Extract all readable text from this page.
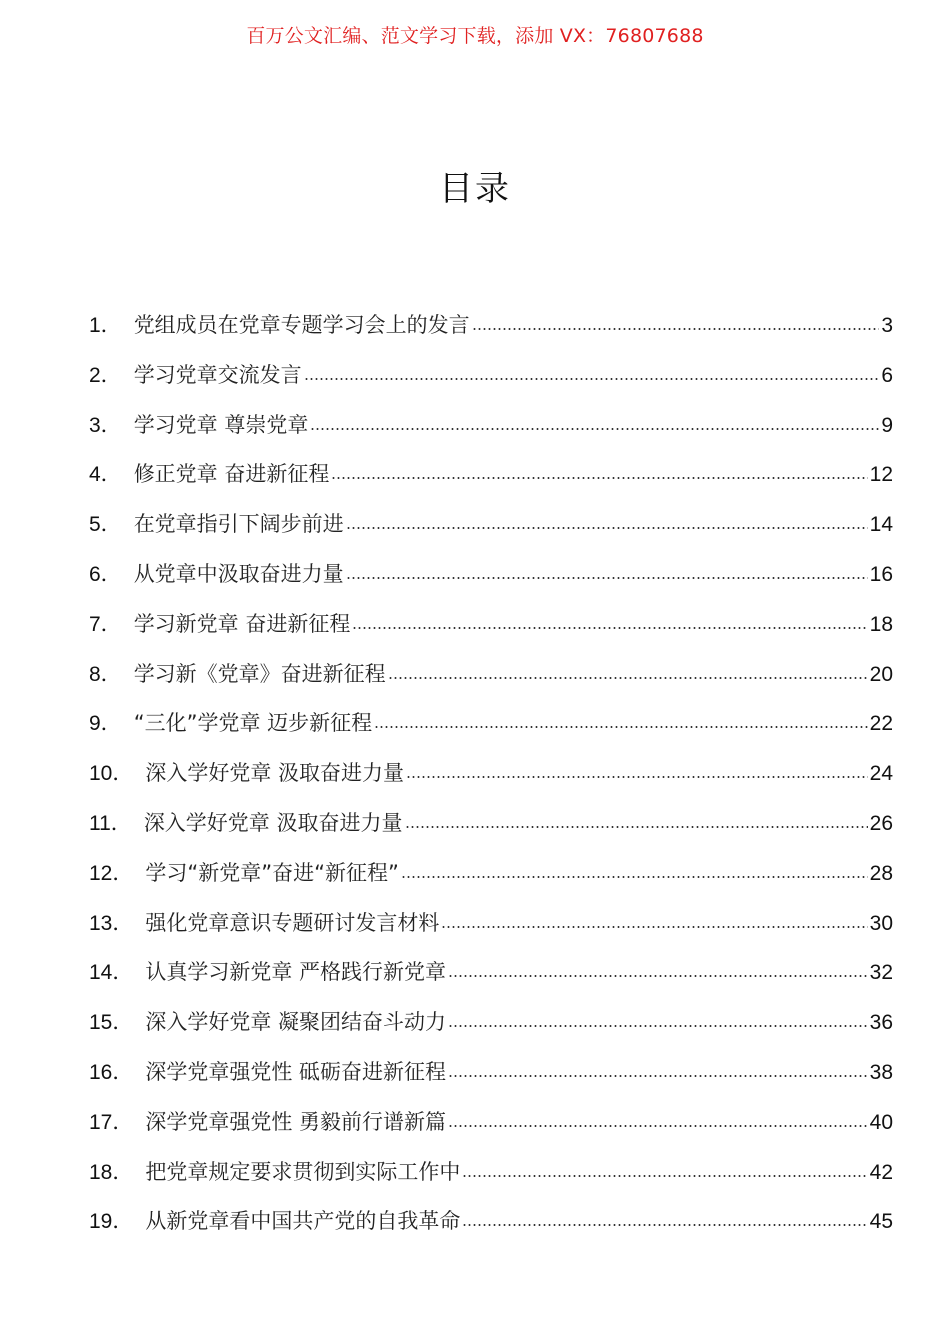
百万公文汇编、范文学习下载，添加 VX：76807688
目录
1． 党组成员在党章专题学习会上的发言	3
2． 学习党章交流发言	6
3． 学习党章 尊崇党章	9
4． 修正党章 奋进新征程	12
5． 在党章指引下阔步前进	14
6． 从党章中汲取奋进力量	16
7． 学习新党章 奋进新征程	18
8． 学习新《党章》奋进新征程	20
9． “三化”学党章 迈步新征程	22
10． 深入学好党章 汲取奋进力量	24
11． 深入学好党章 汲取奋进力量	26
12． 学习“新党章”奋进“新征程”	28
13． 强化党章意识专题研讨发言材料	30
14． 认真学习新党章 严格践行新党章	32
15． 深入学好党章 凝聚团结奋斗动力	36
16． 深学党章强党性 砥砺奋进新征程	38
17． 深学党章强党性 勇毅前行谱新篇	40
18． 把党章规定要求贯彻到实际工作中	42
19． 从新党章看中国共产党的自我革命	45
